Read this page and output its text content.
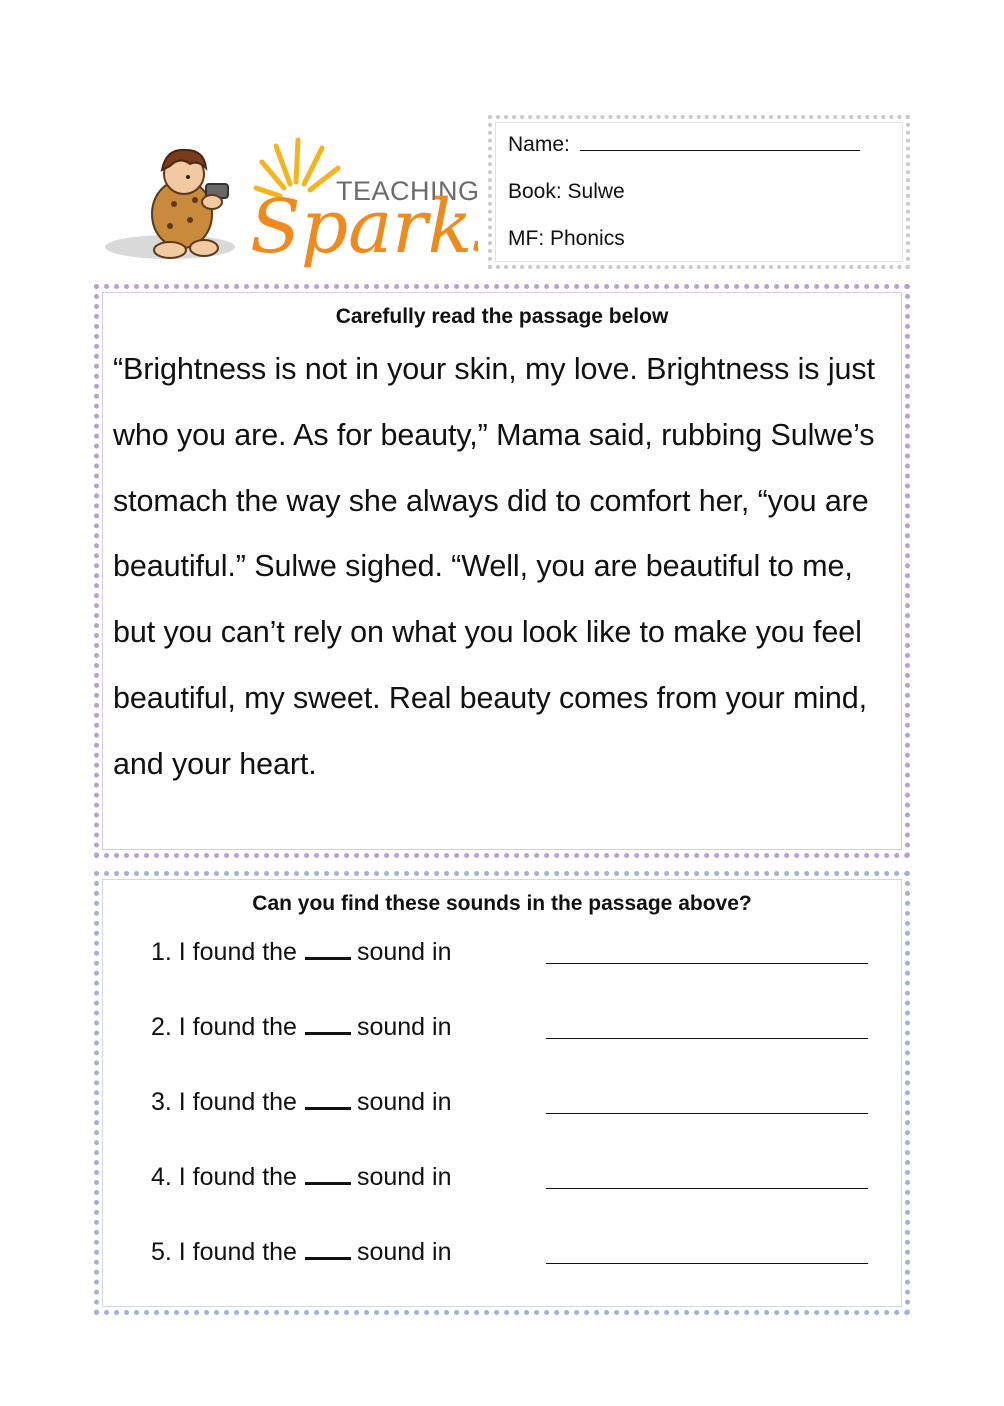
TEACHING
Spark
Name:
Book: Sulwe
MF: Phonics
Carefully read the passage below
“Brightness is not in your skin, my love. Brightness is just who you are. As for beauty,” Mama said, rubbing Sulwe’s stomach the way she always did to comfort her, “you are beautiful.” Sulwe sighed. “Well, you are beautiful to me, but you can’t rely on what you look like to make you feel beautiful, my sweet. Real beauty comes from your mind, and your heart.
Can you find these sounds in the passage above?
1. I found the sound in
2. I found the sound in
3. I found the sound in
4. I found the sound in
5. I found the sound in
